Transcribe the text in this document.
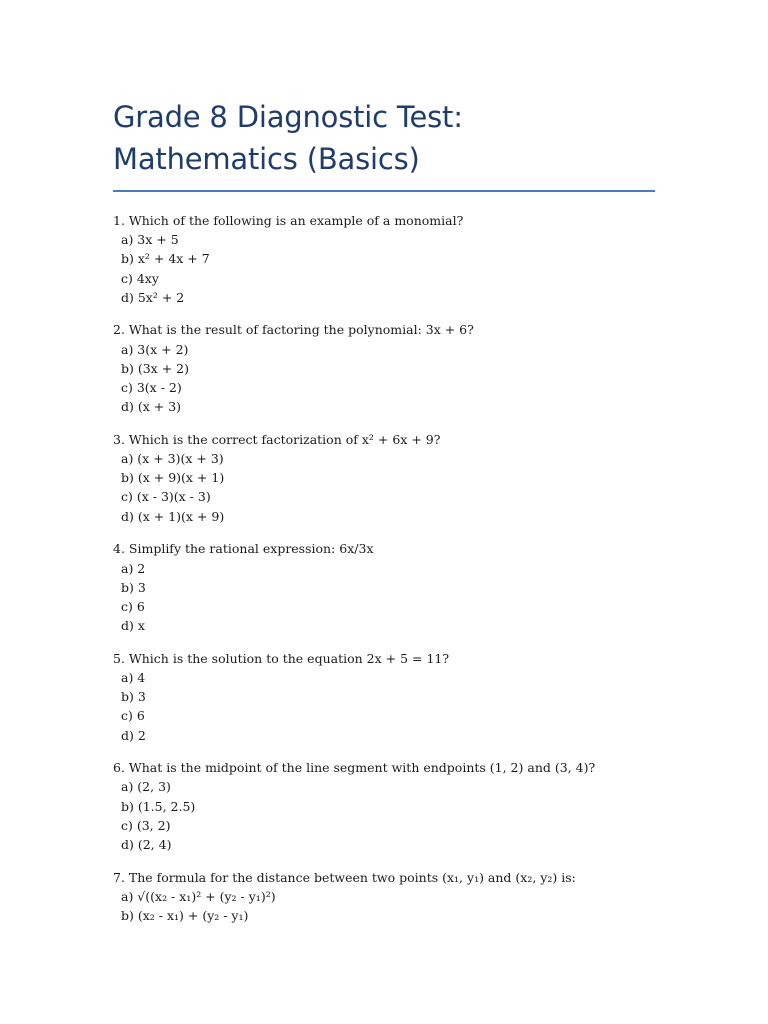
Grade 8 Diagnostic Test: Mathematics (Basics)
1. Which of the following is an example of a monomial?
a) 3x + 5
b) x² + 4x + 7
c) 4xy
d) 5x² + 2
2. What is the result of factoring the polynomial: 3x + 6?
a) 3(x + 2)
b) (3x + 2)
c) 3(x - 2)
d) (x + 3)
3. Which is the correct factorization of x² + 6x + 9?
a) (x + 3)(x + 3)
b) (x + 9)(x + 1)
c) (x - 3)(x - 3)
d) (x + 1)(x + 9)
4. Simplify the rational expression: 6x/3x
a) 2
b) 3
c) 6
d) x
5. Which is the solution to the equation 2x + 5 = 11?
a) 4
b) 3
c) 6
d) 2
6. What is the midpoint of the line segment with endpoints (1, 2) and (3, 4)?
a) (2, 3)
b) (1.5, 2.5)
c) (3, 2)
d) (2, 4)
7. The formula for the distance between two points (x₁, y₁) and (x₂, y₂) is:
a) √((x₂ - x₁)² + (y₂ - y₁)²)
b) (x₂ - x₁) + (y₂ - y₁)
